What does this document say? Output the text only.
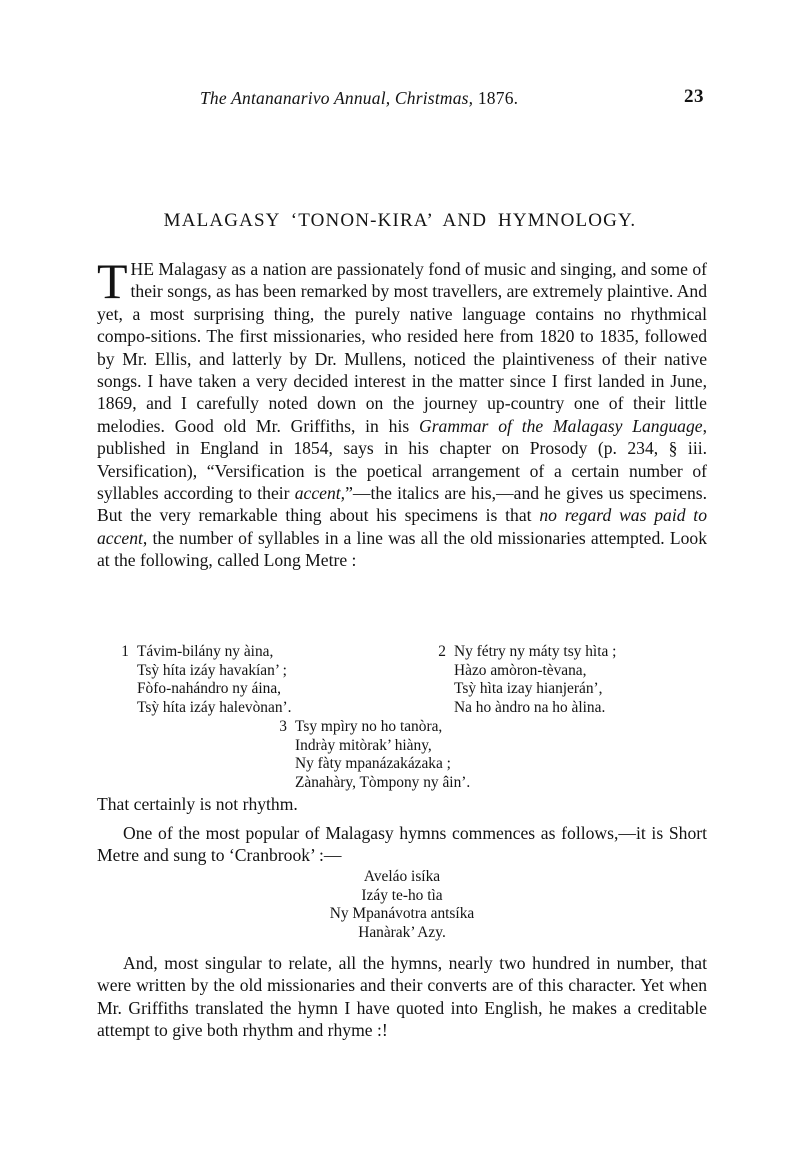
The Antananarivo Annual, Christmas, 1876.	23
MALAGASY ‘TONON-KIRA’ AND HYMNOLOGY.
THE Malagasy as a nation are passionately fond of music and singing, and some of their songs, as has been remarked by most travellers, are extremely plaintive. And yet, a most surprising thing, the purely native language contains no rhythmical compo-sitions. The first missionaries, who resided here from 1820 to 1835, followed by Mr. Ellis, and latterly by Dr. Mullens, noticed the plaintiveness of their native songs. I have taken a very decided interest in the matter since I first landed in June, 1869, and I carefully noted down on the journey up-country one of their little melodies. Good old Mr. Griffiths, in his Grammar of the Malagasy Language, published in England in 1854, says in his chapter on Prosody (p. 234, § iii. Versification), “Versification is the poetical arrangement of a certain number of syllables according to their accent,”—the italics are his,—and he gives us specimens. But the very remarkable thing about his specimens is that no regard was paid to accent, the number of syllables in a line was all the old missionaries attempted. Look at the following, called Long Metre :
1 Távim-bilány ny àina,
Tsỳ híta izáy havakían’ ;
Fòfo-nahándro ny áina,
Tsỳ híta izáy halevònan’.
2 Ny fétry ny máty tsy hìta ;
Hàzo amòron-tèvana,
Tsỳ hìta izay hianjerán’,
Na ho àndro na ho àlina.
3 Tsy mpìry no ho tanòra,
Indràу mitòrak’ hiàny,
Ny fàty mpanázakázaka ;
Zànahàry, Tòmpony ny âin’.
That certainly is not rhythm.
One of the most popular of Malagasy hymns commences as follows,—it is Short Metre and sung to ‘Cranbrook’ :—
Aveláo isíka
Izáy te-ho tìa
Ny Mpanávotra antsíka
Hanàrak’ Azy.
And, most singular to relate, all the hymns, nearly two hundred in number, that were written by the old missionaries and their converts are of this character. Yet when Mr. Griffiths translated the hymn I have quoted into English, he makes a creditable attempt to give both rhythm and rhyme :!
